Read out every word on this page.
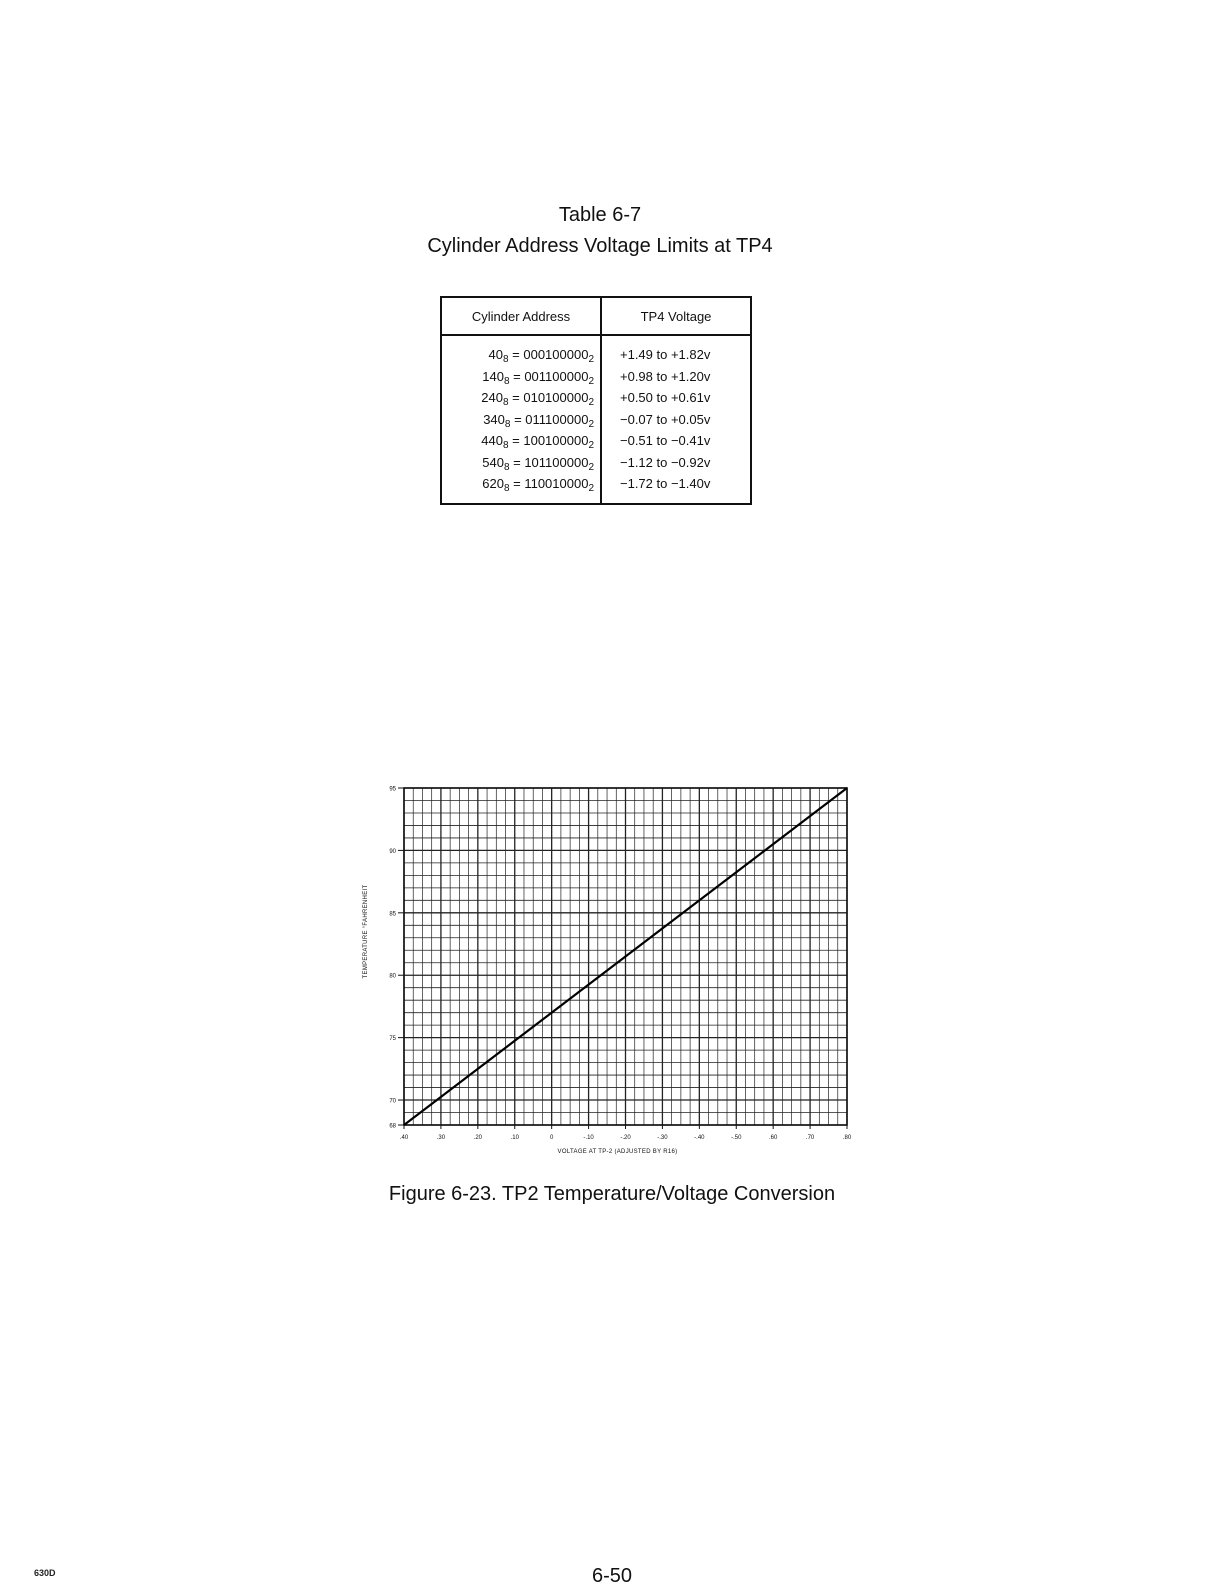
Table 6-7
Cylinder Address Voltage Limits at TP4
Cylinder Address	TP4 Voltage
$40_8 = 000100000_2$	+1.49 to +1.82v
$140_8 = 001100000_2$	+0.98 to +1.20v
$240_8 = 010100000_2$	+0.50 to +0.61v
$340_8 = 011100000_2$	−0.07 to +0.05v
$440_8 = 100100000_2$	−0.51 to −0.41v
$540_8 = 101100000_2$	−1.12 to −0.92v
$620_8 = 110010000_2$	−1.72 to −1.40v
68
70
75
80
85
90
95
.40	.30	.20	.10	0	-.10	-.20	-.30	-.40	-.50	.60	.70	.80
VOLTAGE AT TP-2 (ADJUSTED BY R16)
TEMPERATURE °FAHRENHEIT
Figure 6-23. TP2 Temperature/Voltage Conversion
630D	6-50
